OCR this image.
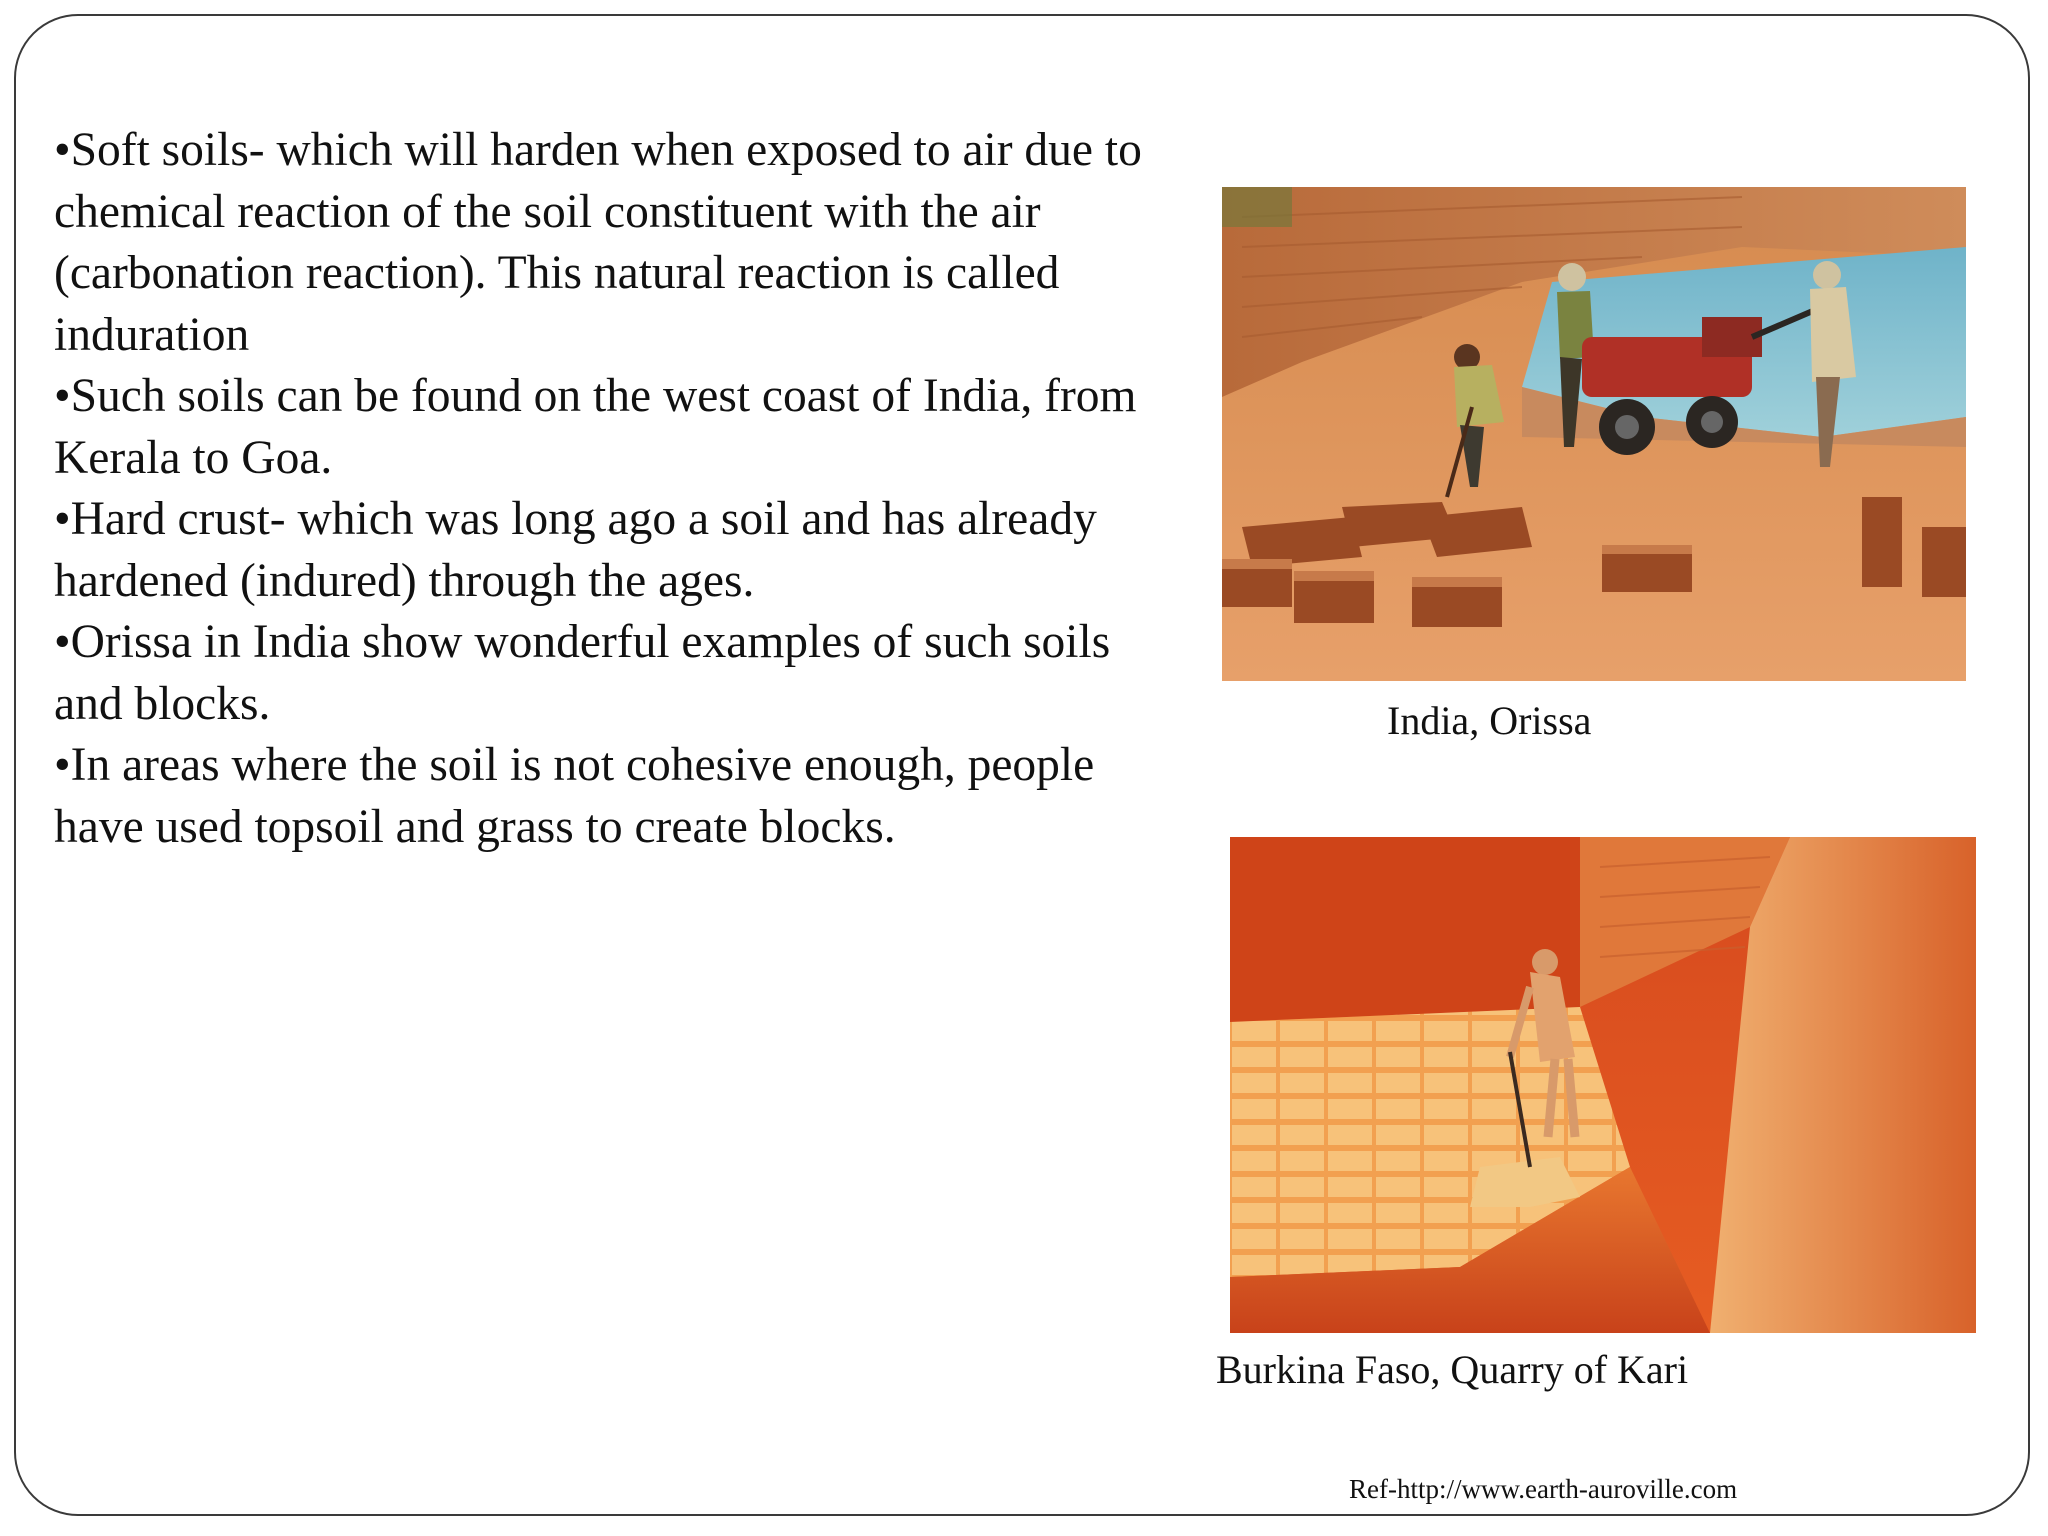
•Soft soils- which will harden when exposed to air due to chemical reaction of the soil constituent with the air (carbonation reaction). This natural reaction is called induration

•Such soils can be found on the west coast of India, from Kerala to Goa.

•Hard crust- which was long ago a soil and has already hardened (indured) through the ages.

•Orissa in India show wonderful examples of such soils and blocks.

•In areas where the soil is not cohesive enough, people have used topsoil and grass to create blocks.

India, Orissa
Burkina Faso, Quarry of Kari
Ref-http://www.earth-auroville.com
